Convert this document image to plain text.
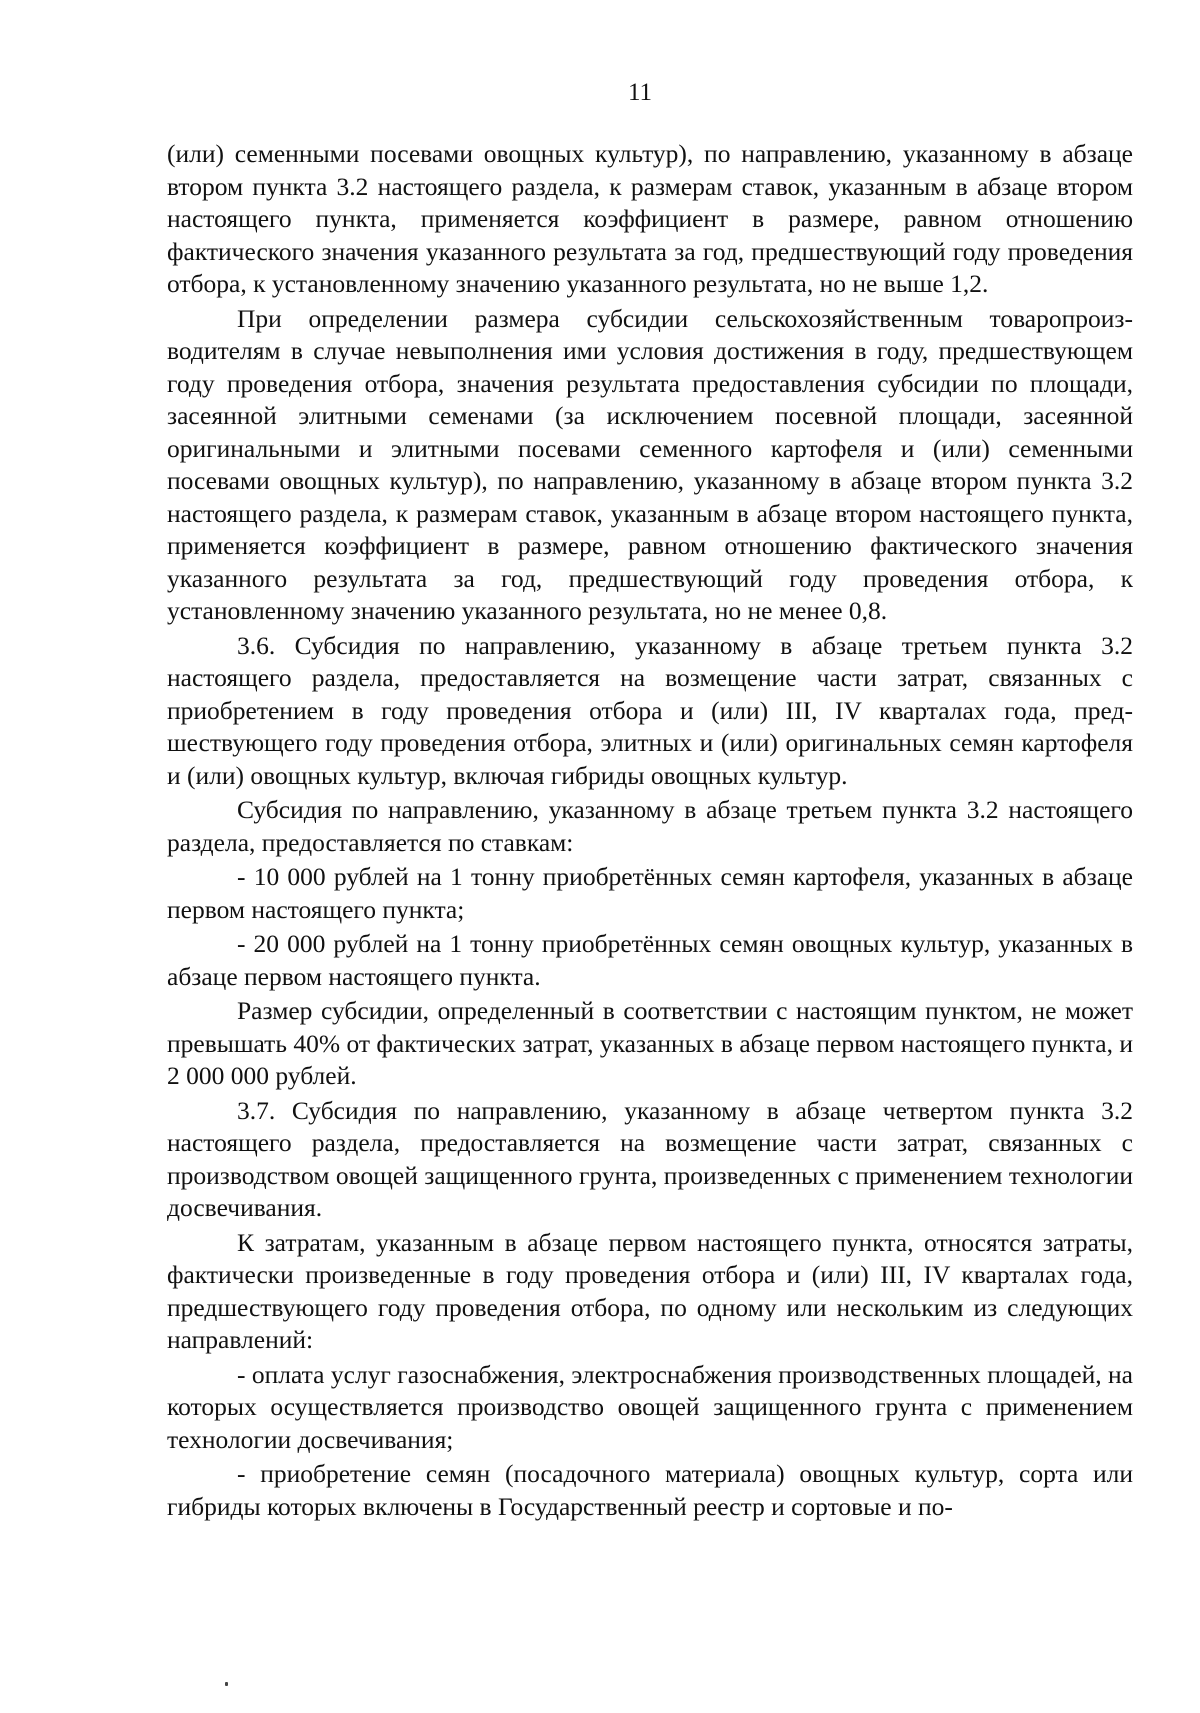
11

(или) семенными посевами овощных культур), по направлению, указанному в абзаце втором пункта 3.2 настоящего раздела, к размерам ставок, указанным в абзаце втором настоящего пункта, применяется коэффициент в размере, равном отношению фактического значения указанного результата за год, предшествующий году проведения отбора, к установленному значению указанного результата, но не выше 1,2.

При определении размера субсидии сельскохозяйственным товаропроизводителям в случае невыполнения ими условия достижения в году, предшествующем году проведения отбора, значения результата предоставления субсидии по площади, засеянной элитными семенами (за исключением посевной площади, засеянной оригинальными и элитными посевами семенного картофеля и (или) семенными посевами овощных культур), по направлению, указанному в абзаце втором пункта 3.2 настоящего раздела, к размерам ставок, указанным в абзаце втором настоящего пункта, применяется коэффициент в размере, равном отношению фактического значения указанного результата за год, предшествующий году проведения отбора, к установленному значению указанного результата, но не менее 0,8.

3.6. Субсидия по направлению, указанному в абзаце третьем пункта 3.2 настоящего раздела, предоставляется на возмещение части затрат, связанных с приобретением в году проведения отбора и (или) III, IV кварталах года, предшествующего году проведения отбора, элитных и (или) оригинальных семян картофеля и (или) овощных культур, включая гибриды овощных культур.

Субсидия по направлению, указанному в абзаце третьем пункта 3.2 настоящего раздела, предоставляется по ставкам:

- 10 000 рублей на 1 тонну приобретённых семян картофеля, указанных в абзаце первом настоящего пункта;

- 20 000 рублей на 1 тонну приобретённых семян овощных культур, указанных в абзаце первом настоящего пункта.

Размер субсидии, определенный в соответствии с настоящим пунктом, не может превышать 40% от фактических затрат, указанных в абзаце первом настоящего пункта, и 2 000 000 рублей.

3.7. Субсидия по направлению, указанному в абзаце четвертом пункта 3.2 настоящего раздела, предоставляется на возмещение части затрат, связанных с производством овощей защищенного грунта, произведенных с применением технологии досвечивания.

К затратам, указанным в абзаце первом настоящего пункта, относятся затраты, фактически произведенные в году проведения отбора и (или) III, IV кварталах года, предшествующего году проведения отбора, по одному или нескольким из следующих направлений:

- оплата услуг газоснабжения, электроснабжения производственных площадей, на которых осуществляется производство овощей защищенного грунта с применением технологии досвечивания;

- приобретение семян (посадочного материала) овощных культур, сорта или гибриды которых включены в Государственный реестр и сортовые и по-
